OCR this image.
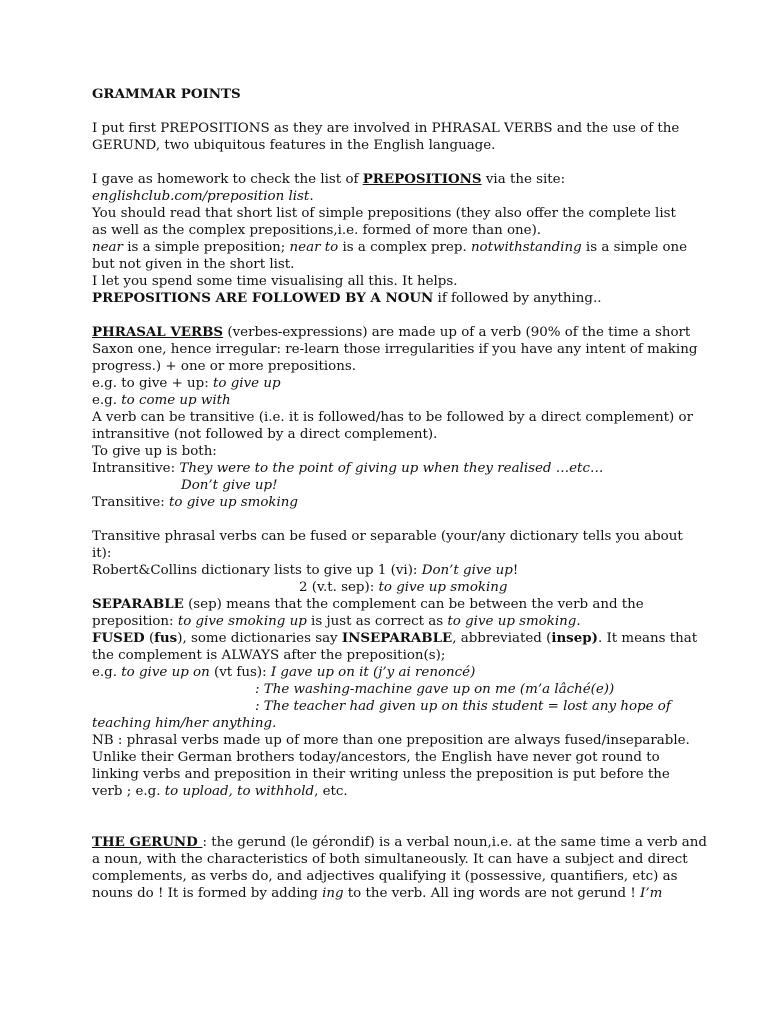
GRAMMAR POINTS

I put first PREPOSITIONS as they are involved in PHRASAL VERBS and the use of the

GERUND, two ubiquitous features in the English language.

I gave as homework to check the list of PREPOSITIONS via the site:

englishclub.com/preposition list.

You should read that short list of simple prepositions (they also offer the complete list

as well as the complex prepositions,i.e. formed of more than one).

near is a simple preposition; near to is a complex prep. notwithstanding is a simple one

but not given in the short list.

I let you spend some time visualising all this. It helps.

PREPOSITIONS ARE FOLLOWED BY A NOUN if followed by anything..

PHRASAL VERBS (verbes-expressions) are made up of a verb (90% of the time a short

Saxon one, hence irregular: re-learn those irregularities if you have any intent of making

progress.) + one or more prepositions.

e.g. to give + up: to give up

e.g. to come up with

A verb can be transitive (i.e. it is followed/has to be followed by a direct complement) or

intransitive (not followed by a direct complement).

To give up is both:

Intransitive: They were to the point of giving up when they realised …etc…

Don’t give up!

Transitive: to give up smoking

Transitive phrasal verbs can be fused or separable (your/any dictionary tells you about

it):

Robert&Collins dictionary lists to give up 1 (vi): Don’t give up!

2 (v.t. sep): to give up smoking

SEPARABLE (sep) means that the complement can be between the verb and the

preposition: to give smoking up is just as correct as to give up smoking.

FUSED (fus), some dictionaries say INSEPARABLE, abbreviated (insep). It means that

the complement is ALWAYS after the preposition(s);

e.g. to give up on (vt fus): I gave up on it (j’y ai renoncé)

: The washing-machine gave up on me (m’a lâché(e))

: The teacher had given up on this student = lost any hope of

teaching him/her anything.

NB : phrasal verbs made up of more than one preposition are always fused/inseparable.

Unlike their German brothers today/ancestors, the English have never got round to

linking verbs and preposition in their writing unless the preposition is put before the

verb ; e.g. to upload, to withhold, etc.

THE GERUND : the gerund (le gérondif) is a verbal noun,i.e. at the same time a verb and

a noun, with the characteristics of both simultaneously. It can have a subject and direct

complements, as verbs do, and adjectives qualifying it (possessive, quantifiers, etc) as

nouns do ! It is formed by adding ing to the verb. All ing words are not gerund ! I’m
